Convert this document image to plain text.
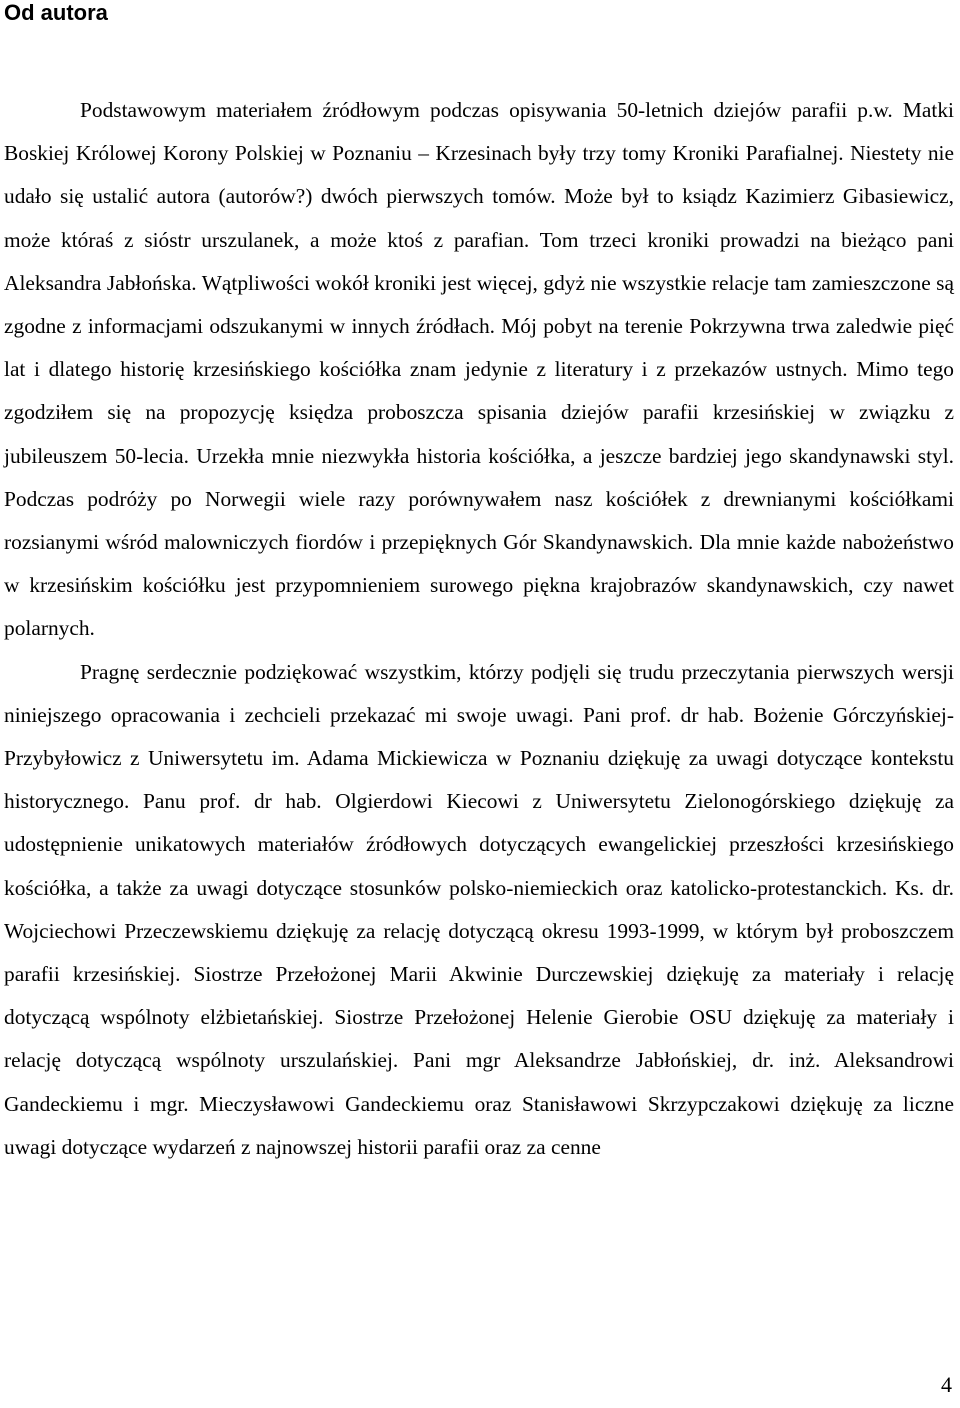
Od autora

Podstawowym materiałem źródłowym podczas opisywania 50-letnich dziejów parafii p.w. Matki Boskiej Królowej Korony Polskiej w Poznaniu – Krzesinach były trzy tomy Kroniki Parafialnej. Niestety nie udało się ustalić autora (autorów?) dwóch pierwszych tomów. Może był to ksiądz Kazimierz Gibasiewicz, może któraś z sióstr urszulanek, a może ktoś z parafian. Tom trzeci kroniki prowadzi na bieżąco pani Aleksandra Jabłońska. Wątpliwości wokół kroniki jest więcej, gdyż nie wszystkie relacje tam zamieszczone są zgodne z informacjami odszukanymi w innych źródłach. Mój pobyt na terenie Pokrzywna trwa zaledwie pięć lat i dlatego historię krzesińskiego kościółka znam jedynie z literatury i z przekazów ustnych. Mimo tego zgodziłem się na propozycję księdza proboszcza spisania dziejów parafii krzesińskiej w związku z jubileuszem 50-lecia. Urzekła mnie niezwykła historia kościółka, a jeszcze bardziej jego skandynawski styl. Podczas podróży po Norwegii wiele razy porównywałem nasz kościółek z drewnianymi kościółkami rozsianymi wśród malowniczych fiordów i przepięknych Gór Skandynawskich. Dla mnie każde nabożeństwo w krzesińskim kościółku jest przypomnieniem surowego piękna krajobrazów skandynawskich, czy nawet polarnych.

Pragnę serdecznie podziękować wszystkim, którzy podjęli się trudu przeczytania pierwszych wersji niniejszego opracowania i zechcieli przekazać mi swoje uwagi. Pani prof. dr hab. Bożenie Górczyńskiej-Przybyłowicz z Uniwersytetu im. Adama Mickiewicza w Poznaniu dziękuję za uwagi dotyczące kontekstu historycznego. Panu prof. dr hab. Olgierdowi Kiecowi z Uniwersytetu Zielonogórskiego dziękuję za udostępnienie unikatowych materiałów źródłowych dotyczących ewangelickiej przeszłości krzesińskiego kościółka, a także za uwagi dotyczące stosunków polsko-niemieckich oraz katolicko-protestanckich. Ks. dr. Wojciechowi Przeczewskiemu dziękuję za relację dotyczącą okresu 1993-1999, w którym był proboszczem parafii krzesińskiej. Siostrze Przełożonej Marii Akwinie Durczewskiej dziękuję za materiały i relację dotyczącą wspólnoty elżbietańskiej. Siostrze Przełożonej Helenie Gierobie OSU dziękuję za materiały i relację dotyczącą wspólnoty urszulańskiej. Pani mgr Aleksandrze Jabłońskiej, dr. inż. Aleksandrowi Gandeckiemu i mgr. Mieczysławowi Gandeckiemu oraz Stanisławowi Skrzypczakowi dziękuję za liczne uwagi dotyczące wydarzeń z najnowszej historii parafii oraz za cenne

4
